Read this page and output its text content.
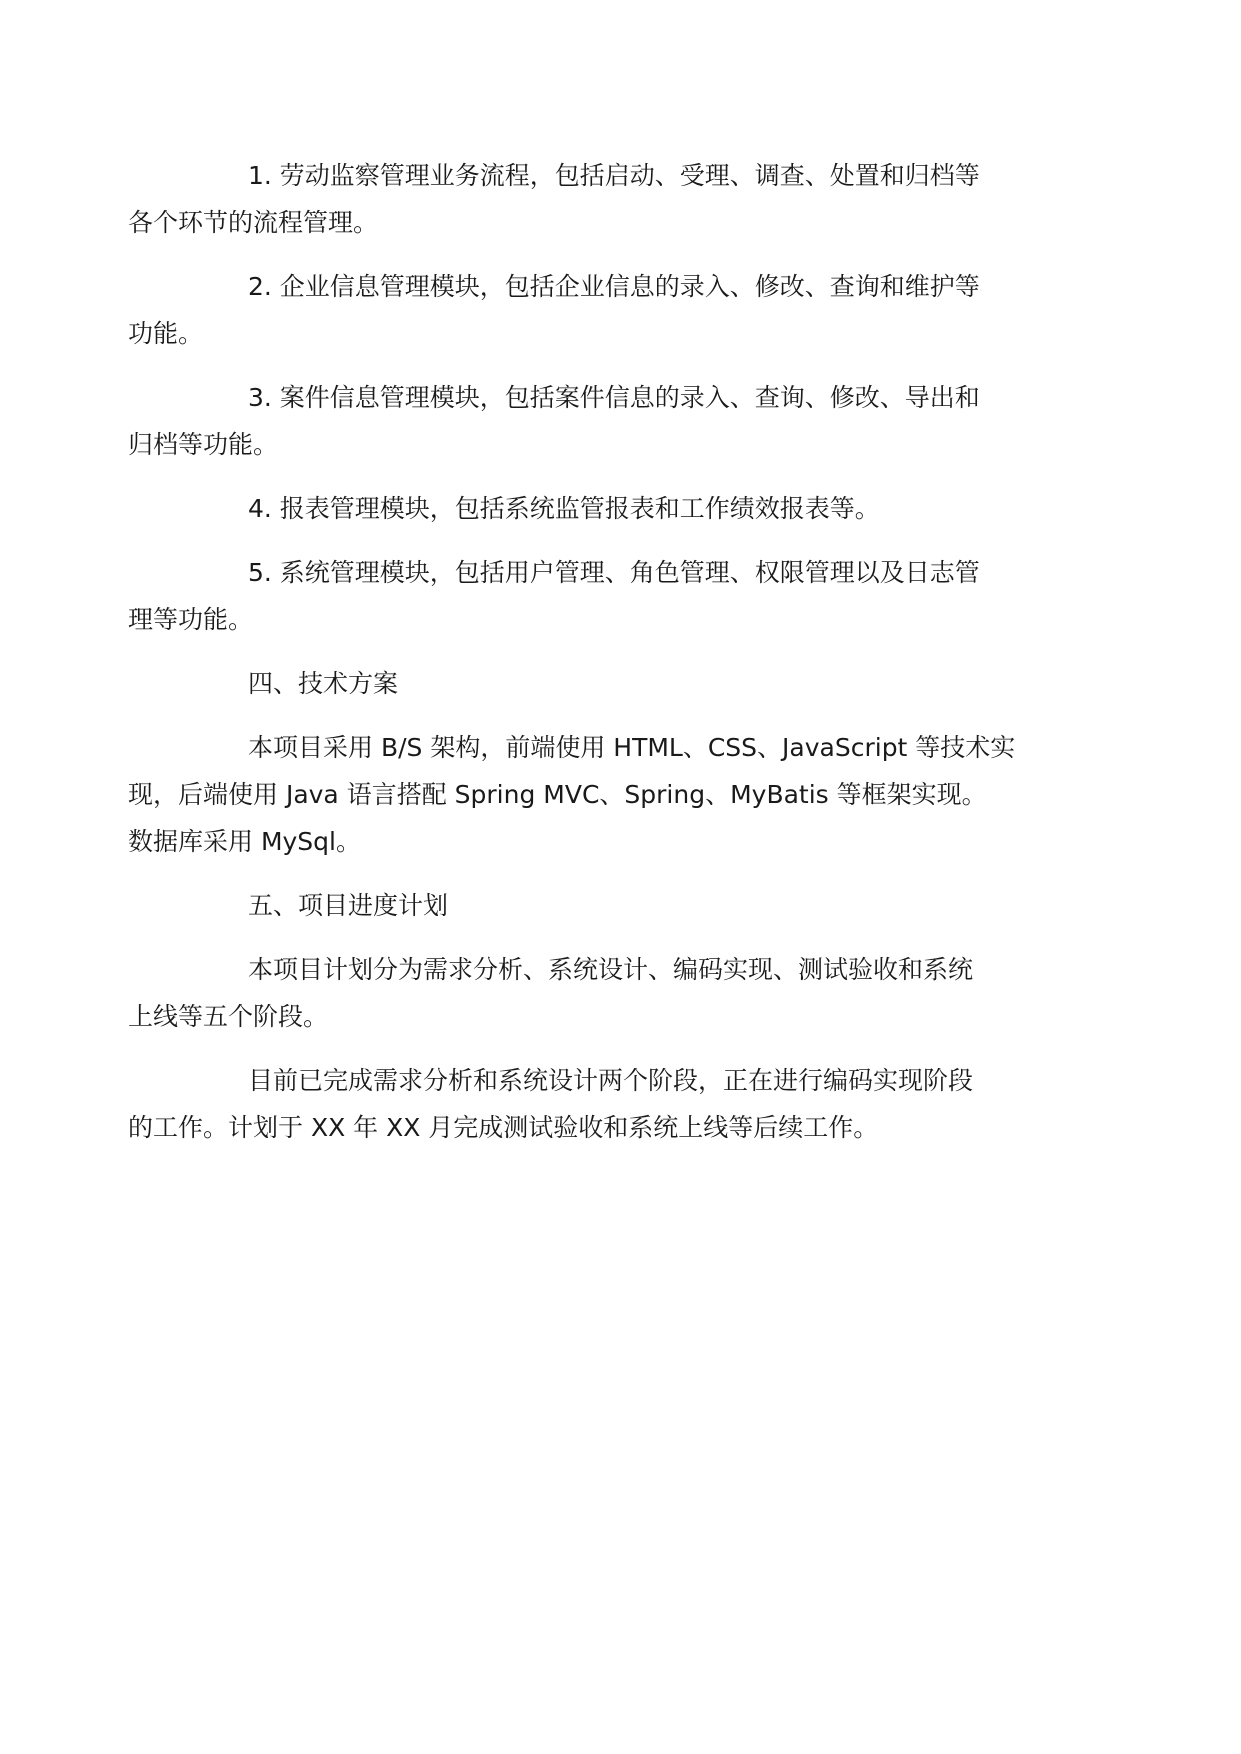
1. 劳动监察管理业务流程，包括启动、受理、调查、处置和归档等
各个环节的流程管理。

2. 企业信息管理模块，包括企业信息的录入、修改、查询和维护等
功能。

3. 案件信息管理模块，包括案件信息的录入、查询、修改、导出和
归档等功能。

4. 报表管理模块，包括系统监管报表和工作绩效报表等。

5. 系统管理模块，包括用户管理、角色管理、权限管理以及日志管
理等功能。

四、技术方案

本项目采用 B/S 架构，前端使用 HTML、CSS、JavaScript 等技术实
现，后端使用 Java 语言搭配 Spring MVC、Spring、MyBatis 等框架实现。
数据库采用 MySql。

五、项目进度计划

本项目计划分为需求分析、系统设计、编码实现、测试验收和系统
上线等五个阶段。

目前已完成需求分析和系统设计两个阶段，正在进行编码实现阶段
的工作。计划于 XX 年 XX 月完成测试验收和系统上线等后续工作。
